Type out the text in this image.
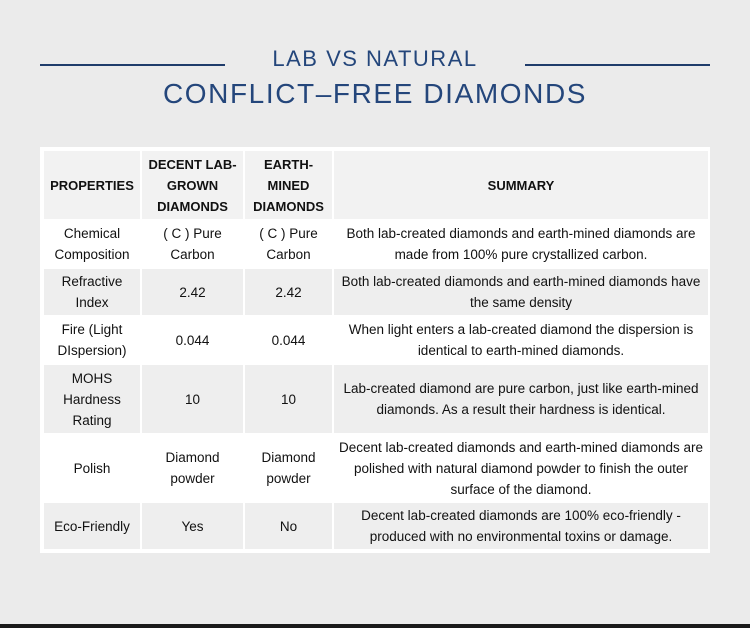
LAB VS NATURAL
CONFLICT–FREE DIAMONDS
PROPERTIES	DECENT LAB-GROWN DIAMONDS	EARTH-MINED DIAMONDS	SUMMARY
Chemical Composition	( C ) Pure Carbon	( C ) Pure Carbon	Both lab-created diamonds and earth-mined diamonds are made from 100% pure crystallized carbon.
Refractive Index	2.42	2.42	Both lab-created diamonds and earth-mined diamonds have the same density
Fire (Light DIspersion)	0.044	0.044	When light enters a lab-created diamond the dispersion is identical to earth-mined diamonds.
MOHS Hardness Rating	10	10	Lab-created diamond are pure carbon, just like earth-mined diamonds. As a result their hardness is identical.
Polish	Diamond powder	Diamond powder	Decent lab-created diamonds and earth-mined diamonds are polished with natural diamond powder to finish the outer surface of the diamond.
Eco-Friendly	Yes	No	Decent lab-created diamonds are 100% eco-friendly - produced with no environmental toxins or damage.
